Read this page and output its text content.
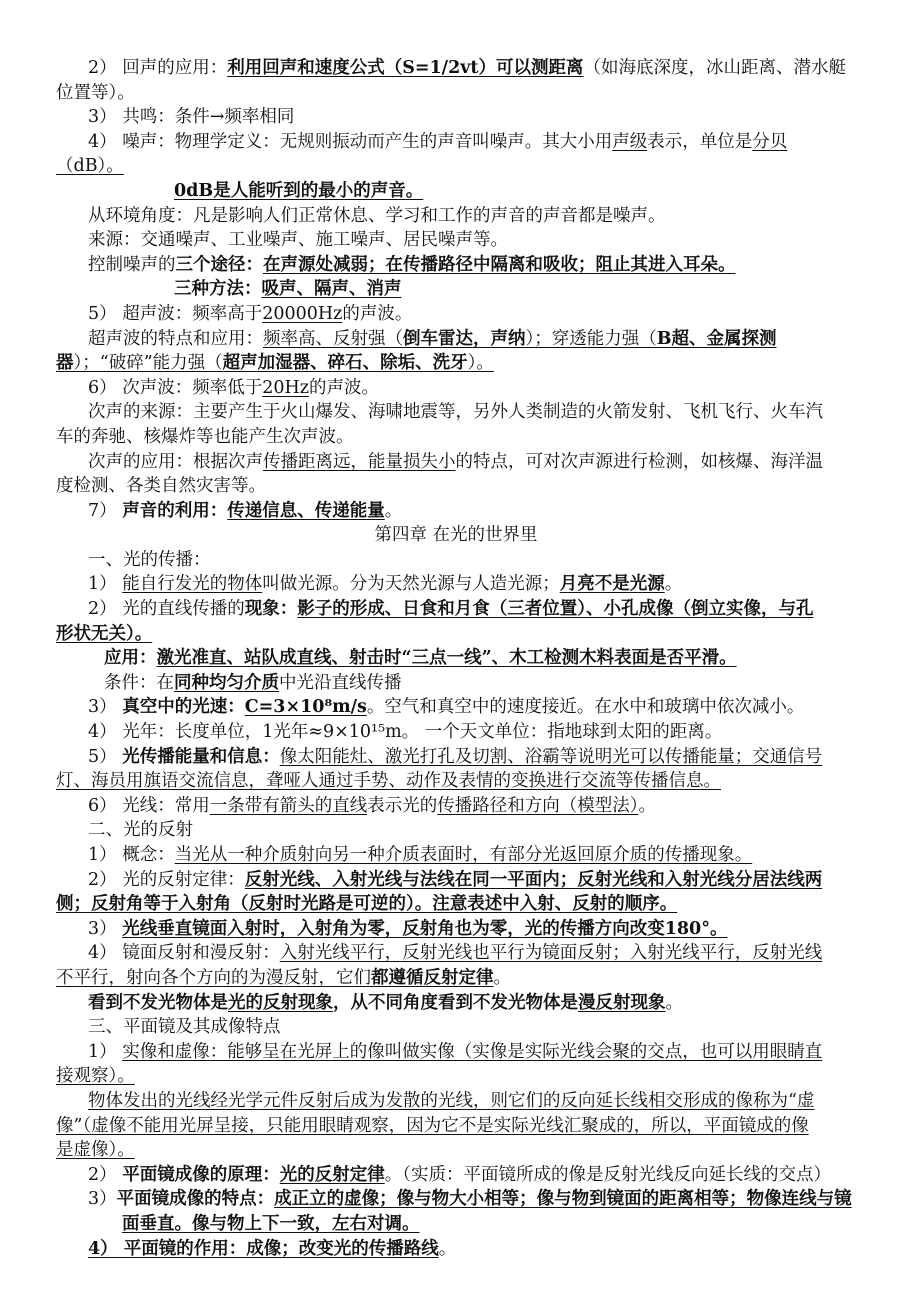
2） 回声的应用：利用回声和速度公式（S=1/2vt）可以测距离（如海底深度，冰山距离、潜水艇
位置等）。
3） 共鸣：条件→频率相同
4） 噪声：物理学定义：无规则振动而产生的声音叫噪声。其大小用声级表示，单位是分贝
（dB）。
0dB是人能听到的最小的声音。
从环境角度：凡是影响人们正常休息、学习和工作的声音的声音都是噪声。
来源：交通噪声、工业噪声、施工噪声、居民噪声等。
控制噪声的三个途径：在声源处减弱；在传播路径中隔离和吸收；阻止其进入耳朵。
三种方法：吸声、隔声、消声
5） 超声波：频率高于20000Hz的声波。
超声波的特点和应用：频率高、反射强（倒车雷达，声纳）；穿透能力强（B超、金属探测
器）；“破碎”能力强（超声加湿器、碎石、除垢、洗牙）。
6） 次声波：频率低于20Hz的声波。
次声的来源：主要产生于火山爆发、海啸地震等，另外人类制造的火箭发射、飞机飞行、火车汽
车的奔驰、核爆炸等也能产生次声波。
次声的应用：根据次声传播距离远，能量损失小的特点，可对次声源进行检测，如核爆、海洋温
度检测、各类自然灾害等。
7） 声音的利用：传递信息、传递能量。
第四章 在光的世界里
一、光的传播：
1） 能自行发光的物体叫做光源。分为天然光源与人造光源；月亮不是光源。
2） 光的直线传播的现象：影子的形成、日食和月食（三者位置）、小孔成像（倒立实像，与孔
形状无关）。
应用：激光准直、站队成直线、射击时“三点一线”、木工检测木料表面是否平滑。
条件：在同种均匀介质中光沿直线传播
3） 真空中的光速：C=3×10⁸m/s。空气和真空中的速度接近。在水中和玻璃中依次减小。
4） 光年：长度单位，1光年≈9×10¹⁵m。 一个天文单位：指地球到太阳的距离。
5） 光传播能量和信息：像太阳能灶、激光打孔及切割、浴霸等说明光可以传播能量；交通信号
灯、海员用旗语交流信息，聋哑人通过手势、动作及表情的变换进行交流等传播信息。
6） 光线：常用一条带有箭头的直线表示光的传播路径和方向（模型法）。
二、光的反射
1） 概念：当光从一种介质射向另一种介质表面时，有部分光返回原介质的传播现象。
2） 光的反射定律：反射光线、入射光线与法线在同一平面内；反射光线和入射光线分居法线两
侧；反射角等于入射角（反射时光路是可逆的）。注意表述中入射、反射的顺序。
3） 光线垂直镜面入射时，入射角为零，反射角也为零，光的传播方向改变180°。
4） 镜面反射和漫反射：入射光线平行，反射光线也平行为镜面反射；入射光线平行，反射光线
不平行，射向各个方向的为漫反射，它们都遵循反射定律。
看到不发光物体是光的反射现象，从不同角度看到不发光物体是漫反射现象。
三、平面镜及其成像特点
1） 实像和虚像：能够呈在光屏上的像叫做实像（实像是实际光线会聚的交点，也可以用眼睛直
接观察）。
物体发出的光线经光学元件反射后成为发散的光线，则它们的反向延长线相交形成的像称为“虚
像”（虚像不能用光屏呈接，只能用眼睛观察，因为它不是实际光线汇聚成的，所以，平面镜成的像
是虚像）。
2） 平面镜成像的原理：光的反射定律。（实质：平面镜所成的像是反射光线反向延长线的交点）
3）平面镜成像的特点：成正立的虚像；像与物大小相等；像与物到镜面的距离相等；物像连线与镜
面垂直。像与物上下一致，左右对调。
4） 平面镜的作用：成像；改变光的传播路线。
